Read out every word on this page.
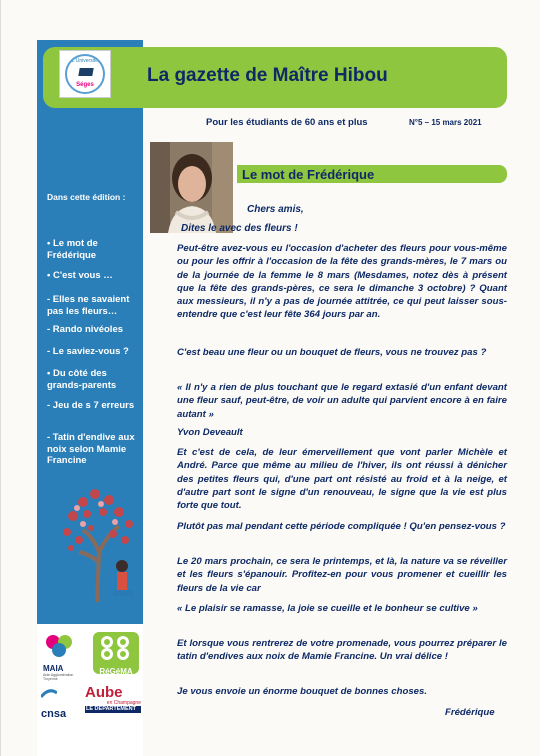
La gazette de Maître Hibou
L'Université
Séges
Pour les étudiants de 60 ans et plus	N°5 – 15 mars 2021
Dans cette édition :
• Le mot de Frédérique
• C'est vous …
- Elles ne savaient pas les fleurs…
- Rando nivéoles
- Le saviez-vous ?
• Du côté des grands-parents
- Jeu de s 7 erreurs
- Tatin d'endive aux noix selon Mamie Francine
MAIA
Aide Agglomération Troyenne
RéGéMA
cnsa
Aube
en Champagne
LE DÉPARTEMENT
Le mot de Frédérique
Chers amis,
Dites le avec des fleurs !
Peut-être avez-vous eu l'occasion d'acheter des fleurs pour vous-même ou pour les offrir à l'occasion de la fête des grands-mères, le 7 mars ou de la journée de la femme le 8 mars (Mesdames, notez dès à présent que la fête des grands-pères, ce sera le dimanche 3 octobre) ? Quant aux messieurs, il n'y a pas de journée attitrée, ce qui peut laisser sous-entendre que c'est leur fête 364 jours par an.
C'est beau une fleur ou un bouquet de fleurs, vous ne trouvez pas ?
« Il n'y a rien de plus touchant que le regard extasié d'un enfant devant une fleur sauf, peut-être, de voir un adulte qui parvient encore à en faire autant »
Yvon Deveault
Et c'est de cela, de leur émerveillement que vont parler Michèle et André. Parce que même au milieu de l'hiver, ils ont réussi à dénicher des petites fleurs qui, d'une part ont résisté au froid et à la neige, et d'autre part sont le signe d'un renouveau, le signe que la vie est plus forte que tout.
Plutôt pas mal pendant cette période compliquée ! Qu'en pensez-vous ?
Le 20 mars prochain, ce sera le printemps, et là, la nature va se réveiller et les fleurs s'épanouir. Profitez-en pour vous promener et cueillir les fleurs de la vie car
« Le plaisir se ramasse, la joie se cueille et le bonheur se cultive »
Et lorsque vous rentrerez de votre promenade, vous pourrez préparer le tatin d'endives aux noix de Mamie Francine. Un vrai délice !
Je vous envoie un énorme bouquet de bonnes choses.
Frédérique
